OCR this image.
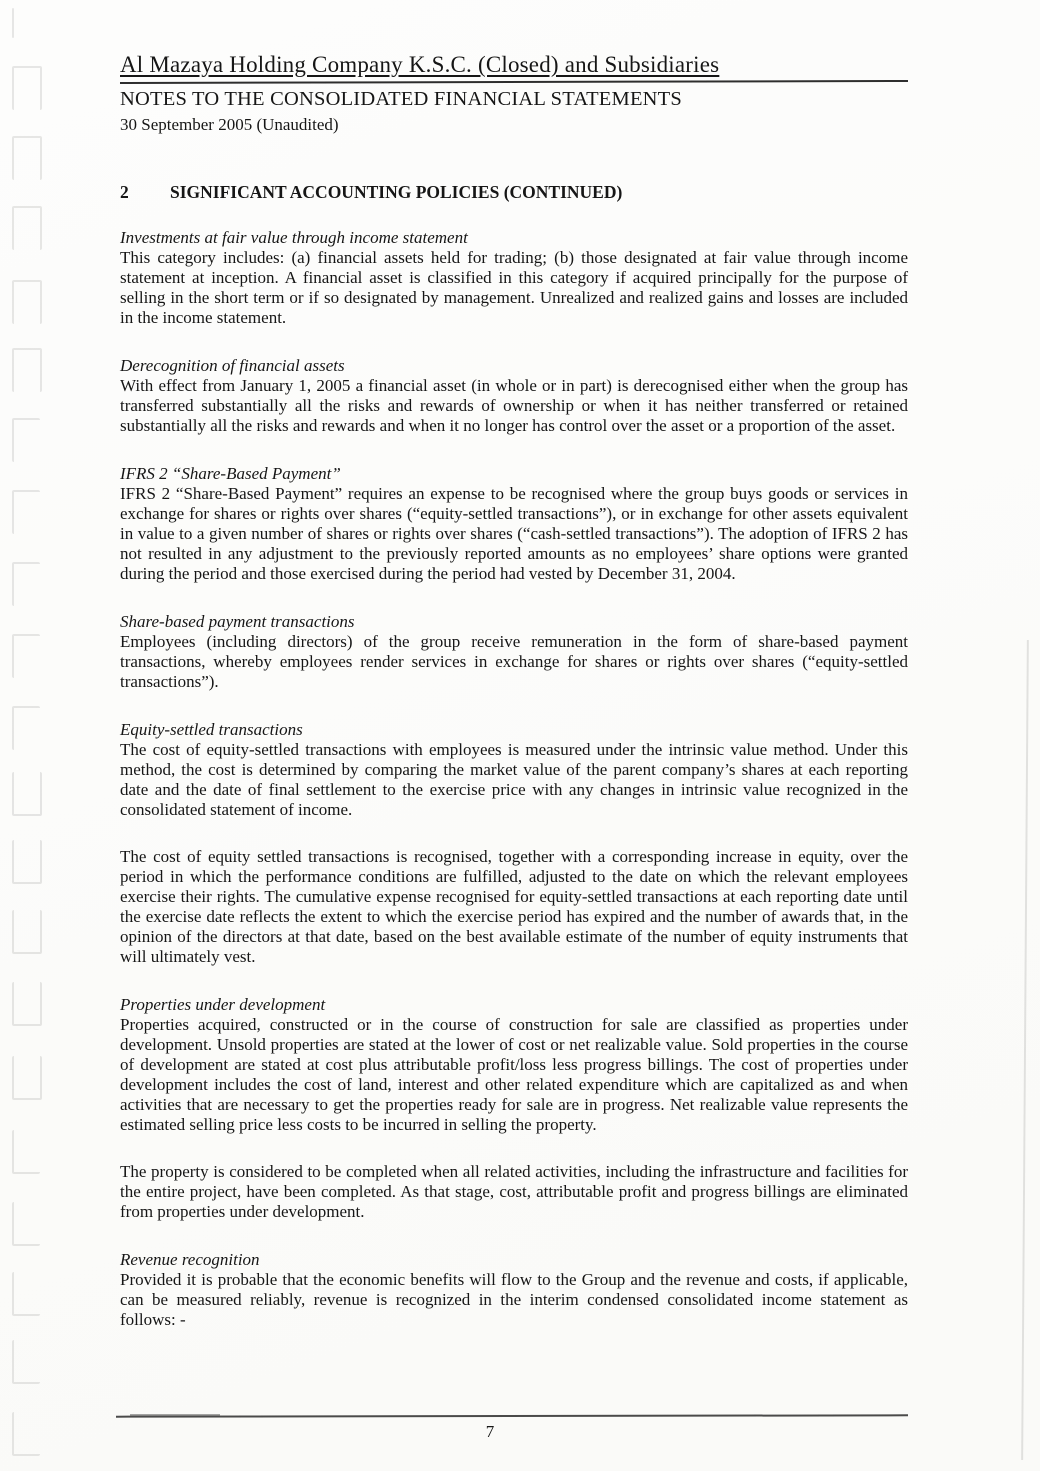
Al Mazaya Holding Company K.S.C. (Closed) and Subsidiaries
NOTES TO THE CONSOLIDATED FINANCIAL STATEMENTS
30 September 2005 (Unaudited)
2	SIGNIFICANT ACCOUNTING POLICIES (CONTINUED)
Investments at fair value through income statement

This category includes: (a) financial assets held for trading; (b) those designated at fair value through income statement at inception. A financial asset is classified in this category if acquired principally for the purpose of selling in the short term or if so designated by management. Unrealized and realized gains and losses are included in the income statement.

Derecognition of financial assets

With effect from January 1, 2005 a financial asset (in whole or in part) is derecognised either when the group has transferred substantially all the risks and rewards of ownership or when it has neither transferred or retained substantially all the risks and rewards and when it no longer has control over the asset or a proportion of the asset.

IFRS 2 “Share-Based Payment”

IFRS 2 “Share-Based Payment” requires an expense to be recognised where the group buys goods or services in exchange for shares or rights over shares (“equity-settled transactions”), or in exchange for other assets equivalent in value to a given number of shares or rights over shares (“cash-settled transactions”). The adoption of IFRS 2 has not resulted in any adjustment to the previously reported amounts as no employees’ share options were granted during the period and those exercised during the period had vested by December 31, 2004.

Share-based payment transactions

Employees (including directors) of the group receive remuneration in the form of share-based payment transactions, whereby employees render services in exchange for shares or rights over shares (“equity-settled transactions”).

Equity-settled transactions

The cost of equity-settled transactions with employees is measured under the intrinsic value method. Under this method, the cost is determined by comparing the market value of the parent company’s shares at each reporting date and the date of final settlement to the exercise price with any changes in intrinsic value recognized in the consolidated statement of income.

The cost of equity settled transactions is recognised, together with a corresponding increase in equity, over the period in which the performance conditions are fulfilled, adjusted to the date on which the relevant employees exercise their rights. The cumulative expense recognised for equity-settled transactions at each reporting date until the exercise date reflects the extent to which the exercise period has expired and the number of awards that, in the opinion of the directors at that date, based on the best available estimate of the number of equity instruments that will ultimately vest.

Properties under development

Properties acquired, constructed or in the course of construction for sale are classified as properties under development. Unsold properties are stated at the lower of cost or net realizable value. Sold properties in the course of development are stated at cost plus attributable profit/loss less progress billings. The cost of properties under development includes the cost of land, interest and other related expenditure which are capitalized as and when activities that are necessary to get the properties ready for sale are in progress. Net realizable value represents the estimated selling price less costs to be incurred in selling the property.

The property is considered to be completed when all related activities, including the infrastructure and facilities for the entire project, have been completed. As that stage, cost, attributable profit and progress billings are eliminated from properties under development.

Revenue recognition

Provided it is probable that the economic benefits will flow to the Group and the revenue and costs, if applicable, can be measured reliably, revenue is recognized in the interim condensed consolidated income statement as follows: -

7
